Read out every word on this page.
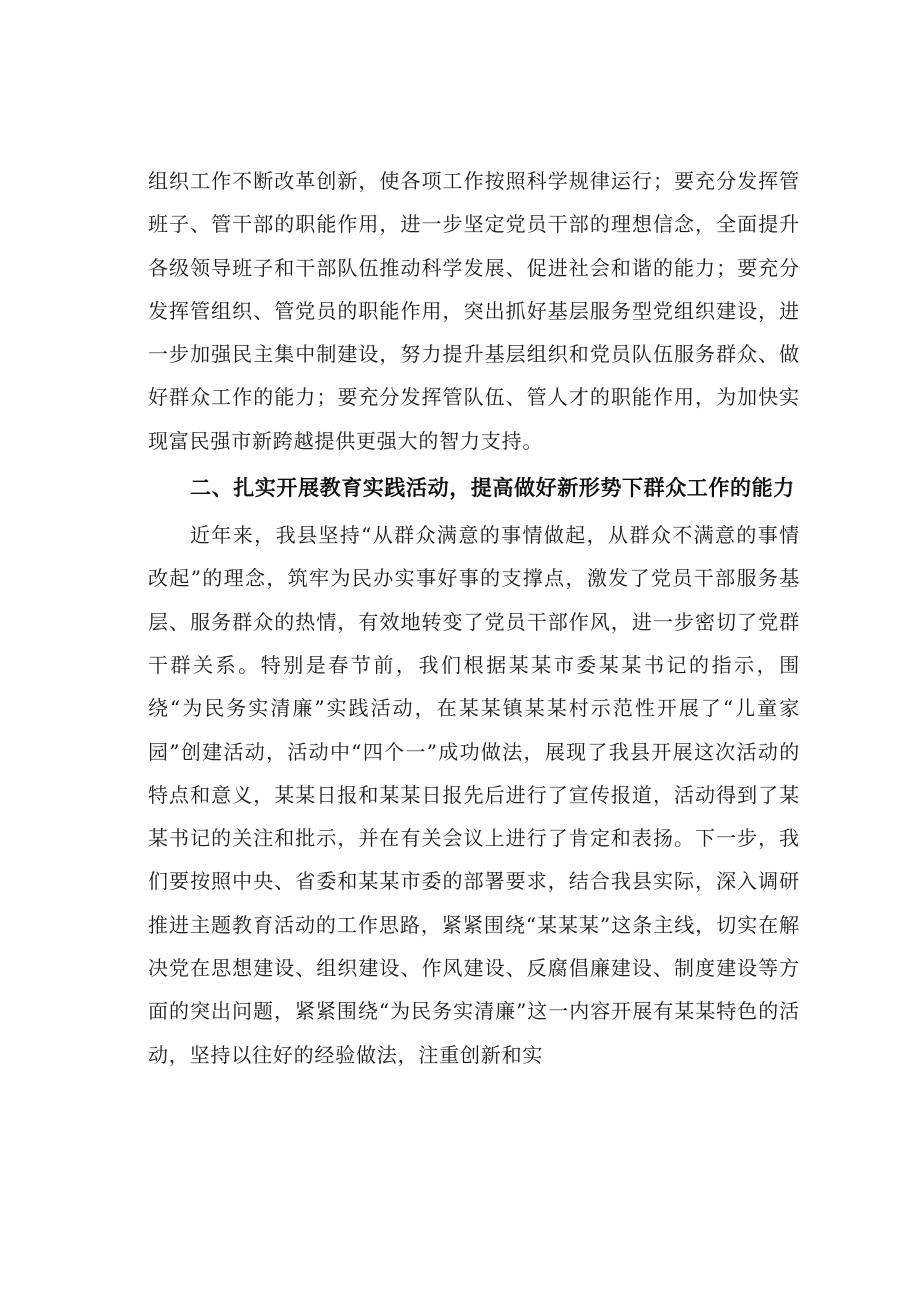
组织工作不断改革创新，使各项工作按照科学规律运行；要充分发挥管班子、管干部的职能作用，进一步坚定党员干部的理想信念，全面提升各级领导班子和干部队伍推动科学发展、促进社会和谐的能力；要充分发挥管组织、管党员的职能作用，突出抓好基层服务型党组织建设，进一步加强民主集中制建设，努力提升基层组织和党员队伍服务群众、做好群众工作的能力；要充分发挥管队伍、管人才的职能作用，为加快实现富民强市新跨越提供更强大的智力支持。

二、扎实开展教育实践活动，提高做好新形势下群众工作的能力

近年来，我县坚持“从群众满意的事情做起，从群众不满意的事情改起”的理念，筑牢为民办实事好事的支撑点，激发了党员干部服务基层、服务群众的热情，有效地转变了党员干部作风，进一步密切了党群干群关系。特别是春节前，我们根据某某市委某某书记的指示，围绕“为民务实清廉”实践活动，在某某镇某某村示范性开展了“儿童家园”创建活动，活动中“四个一”成功做法，展现了我县开展这次活动的特点和意义，某某日报和某某日报先后进行了宣传报道，活动得到了某某书记的关注和批示，并在有关会议上进行了肯定和表扬。下一步，我们要按照中央、省委和某某市委的部署要求，结合我县实际，深入调研推进主题教育活动的工作思路，紧紧围绕“某某某”这条主线，切实在解决党在思想建设、组织建设、作风建设、反腐倡廉建设、制度建设等方面的突出问题，紧紧围绕“为民务实清廉”这一内容开展有某某特色的活动，坚持以往好的经验做法，注重创新和实
